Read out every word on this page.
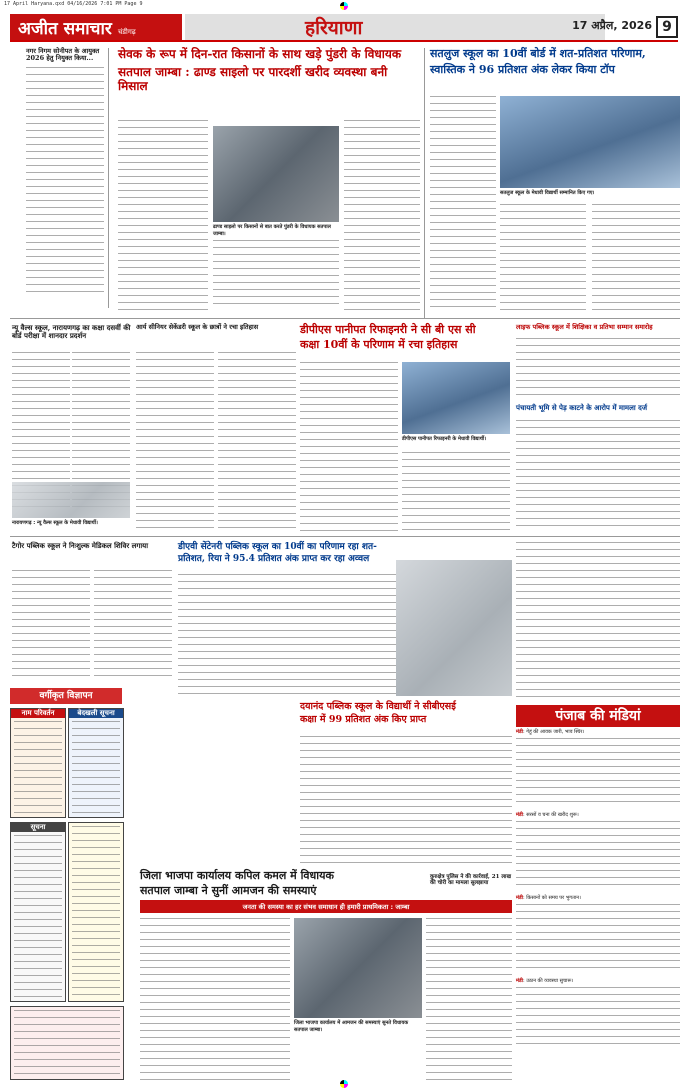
17 April Haryana.qxd 04/16/2026 7:01 PM Page 9
अजीत समाचार चंडीगढ़	हरियाणा	17 अप्रैल, 2026 9
नगर निगम सोनीपत के आयुक्त 2026 हेतु नियुक्त किया...	सेवक के रूप में दिन-रात किसानों के साथ खड़े पुंडरी के विधायक
सतपाल जाम्बा : ढाण्ड साइलो पर पारदर्शी खरीद व्यवस्था बनी मिसाल
ढाण्ड साइलो पर किसानों से बात करते पुंडरी के विधायक सतपाल जाम्बा।
सतलुज स्कूल का 10वीं बोर्ड में शत-प्रतिशत परिणाम,
स्वास्तिक ने 96 प्रतिशत अंक लेकर किया टॉप
सतलुज स्कूल के मेधावी विद्यार्थी सम्मानित किए गए।
न्यू वैल्स स्कूल, नारायणगढ़ का कक्षा दसवीं की बोर्ड परीक्षा में शानदार प्रदर्शन
नारायणगढ़ : न्यू वैल्स स्कूल के मेधावी विद्यार्थी।
आर्य सीनियर सेकेंडरी स्कूल के छात्रों ने रचा इतिहास	डीपीएस पानीपत रिफाइनरी ने सी बी एस सी
कक्षा 10वीं के परिणाम में रचा इतिहास
डीपीएस पानीपत रिफाइनरी के मेधावी विद्यार्थी।
लाइफ पब्लिक स्कूल में शिक्षिका व प्रतिभा सम्मान समारोह
पंचायती भूमि से पेड़ काटने के आरोप में मामला दर्ज
टैगोर पब्लिक स्कूल ने निःशुल्क मेडिकल शिविर लगाया	डीएवी सेंटेनरी पब्लिक स्कूल का 10वीं का परिणाम रहा शत-
प्रतिशत, रिया ने 95.4 प्रतिशत अंक प्राप्त कर रहा अव्वल
दयानंद पब्लिक स्कूल के विद्यार्थी ने सीबीएसई
कक्षा में 99 प्रतिशत अंक किए प्राप्त	पंजाब की मंडियां
मंडी: गेहूं की आवक जारी, भाव स्थिर।
मंडी: सरसों व चना की खरीद शुरू।
मंडी: किसानों को समय पर भुगतान।
मंडी: उठान की व्यवस्था सुचारू।
वर्गीकृत विज्ञापन
नाम परिवर्तन	बेदखली सूचना
सूचना
जिला भाजपा कार्यालय कपिल कमल में विधायक
सतपाल जाम्बा ने सुनीं आमजन की समस्याएं
जनता की समस्या का हर संभव समाधान ही हमारी प्राथमिकता : जाम्बा
जिला भाजपा कार्यालय में आमजन की समस्याएं सुनते विधायक सतपाल जाम्बा।
कुरुक्षेत्र पुलिस ने की कार्रवाई, 21 लाख की चोरी का मामला सुलझाया
